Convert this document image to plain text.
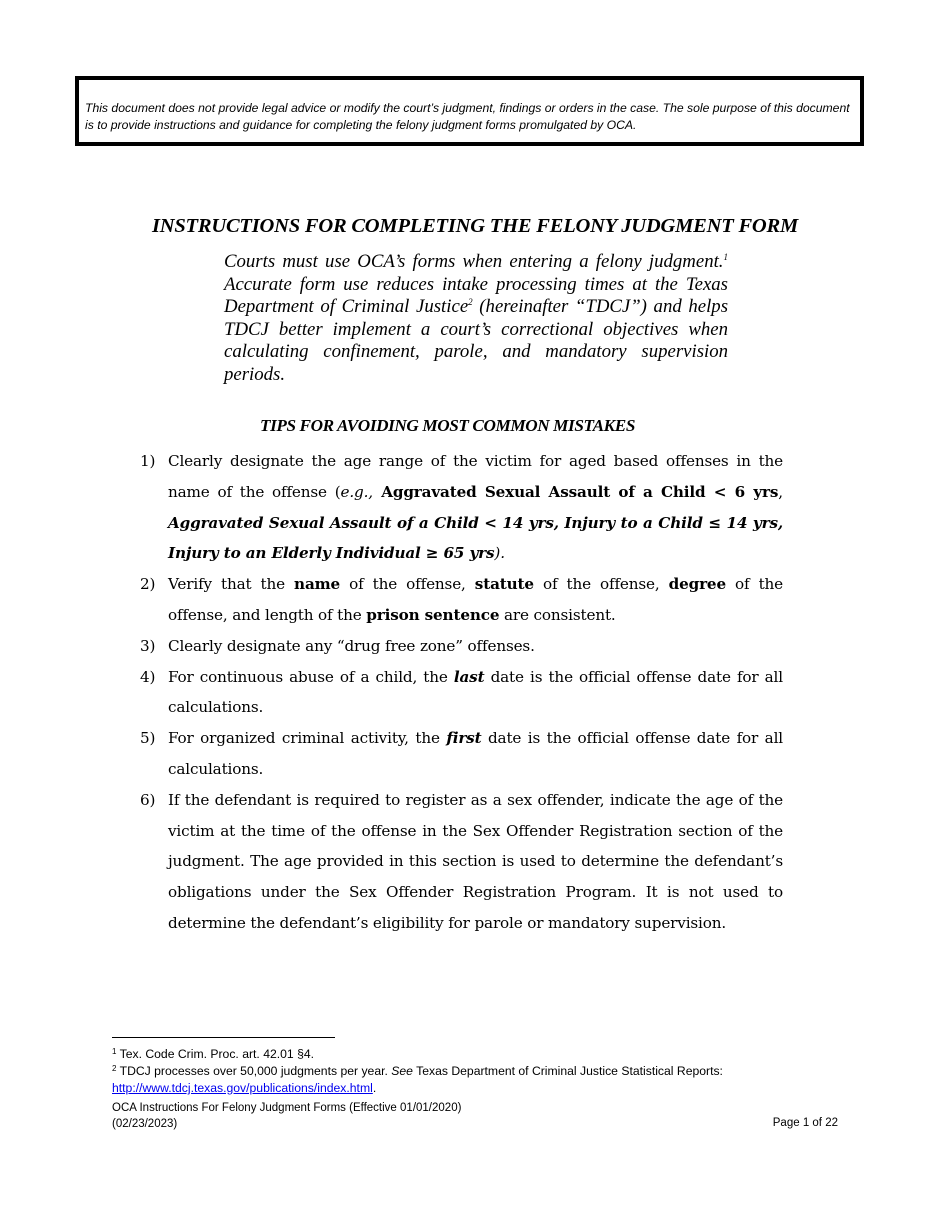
This document does not provide legal advice or modify the court’s judgment, findings or orders in the case. The sole purpose of this document is to provide instructions and guidance for completing the felony judgment forms promulgated by OCA.
INSTRUCTIONS FOR COMPLETING THE FELONY JUDGMENT FORM
Courts must use OCA’s forms when entering a felony judgment.$^1$ Accurate form use reduces intake processing times at the Texas Department of Criminal Justice$^2$ (hereinafter “TDCJ”) and helps TDCJ better implement a court’s correctional objectives when calculating confinement, parole, and mandatory supervision periods.
TIPS FOR AVOIDING MOST COMMON MISTAKES
1) Clearly designate the age range of the victim for aged based offenses in the name of the offense (e.g., Aggravated Sexual Assault of a Child < 6 yrs, Aggravated Sexual Assault of a Child < 14 yrs, Injury to a Child ≤ 14 yrs, Injury to an Elderly Individual ≥ 65 yrs).
2) Verify that the name of the offense, statute of the offense, degree of the offense, and length of the prison sentence are consistent.
3) Clearly designate any “drug free zone” offenses.
4) For continuous abuse of a child, the last date is the official offense date for all calculations.
5) For organized criminal activity, the first date is the official offense date for all calculations.
6) If the defendant is required to register as a sex offender, indicate the age of the victim at the time of the offense in the Sex Offender Registration section of the judgment. The age provided in this section is used to determine the defendant’s obligations under the Sex Offender Registration Program. It is not used to determine the defendant’s eligibility for parole or mandatory supervision.
$^1$ Tex. Code Crim. Proc. art. 42.01 §4.
$^2$ TDCJ processes over 50,000 judgments per year. See Texas Department of Criminal Justice Statistical Reports:
http://www.tdcj.texas.gov/publications/index.html.
OCA Instructions For Felony Judgment Forms (Effective 01/01/2020)
(02/23/2023)	Page 1 of 22
